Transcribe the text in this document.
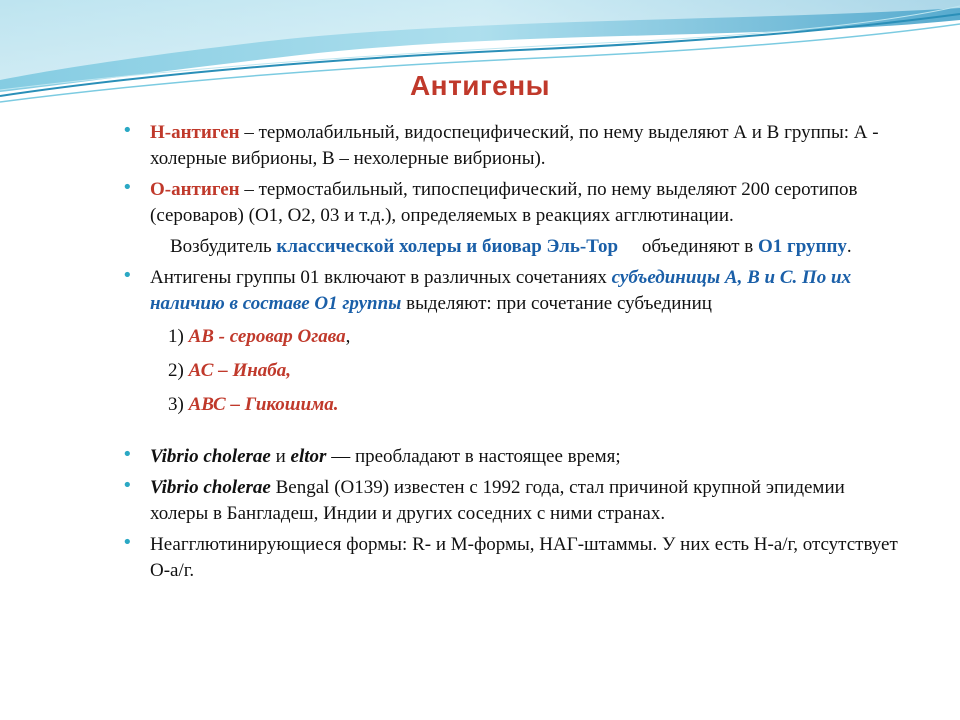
Антигены
• Н-антиген – термолабильный, видоспецифический, по нему выделяют А и В группы: А - холерные вибрионы, В – нехолерные вибрионы).
• О-антиген – термостабильный, типоспецифический, по нему выделяют 200 серотипов (сероваров) (О1, О2, 03 и т.д.), определяемых в реакциях агглютинации.
Возбудитель классической холеры и биовар Эль-Тор     объединяют в О1 группу.
• Антигены группы 01 включают в различных сочетаниях субъединицы А, В и С. По их наличию в составе О1 группы выделяют: при сочетание субъединиц
1) АВ - серовар Огава,
2) АС – Инаба,
3) АВС – Гикошима.
• Vibrio cholerae и eltor — преобладают в настоящее время;
• Vibrio cholerae Bengal (O139) известен с 1992 года, стал причиной крупной эпидемии холеры в Бангладеш, Индии и других соседних с ними странах.
• Неагглютинирующиеся формы: R- и M-формы, НАГ-штаммы. У них есть Н-а/г, отсутствует О-а/г.
